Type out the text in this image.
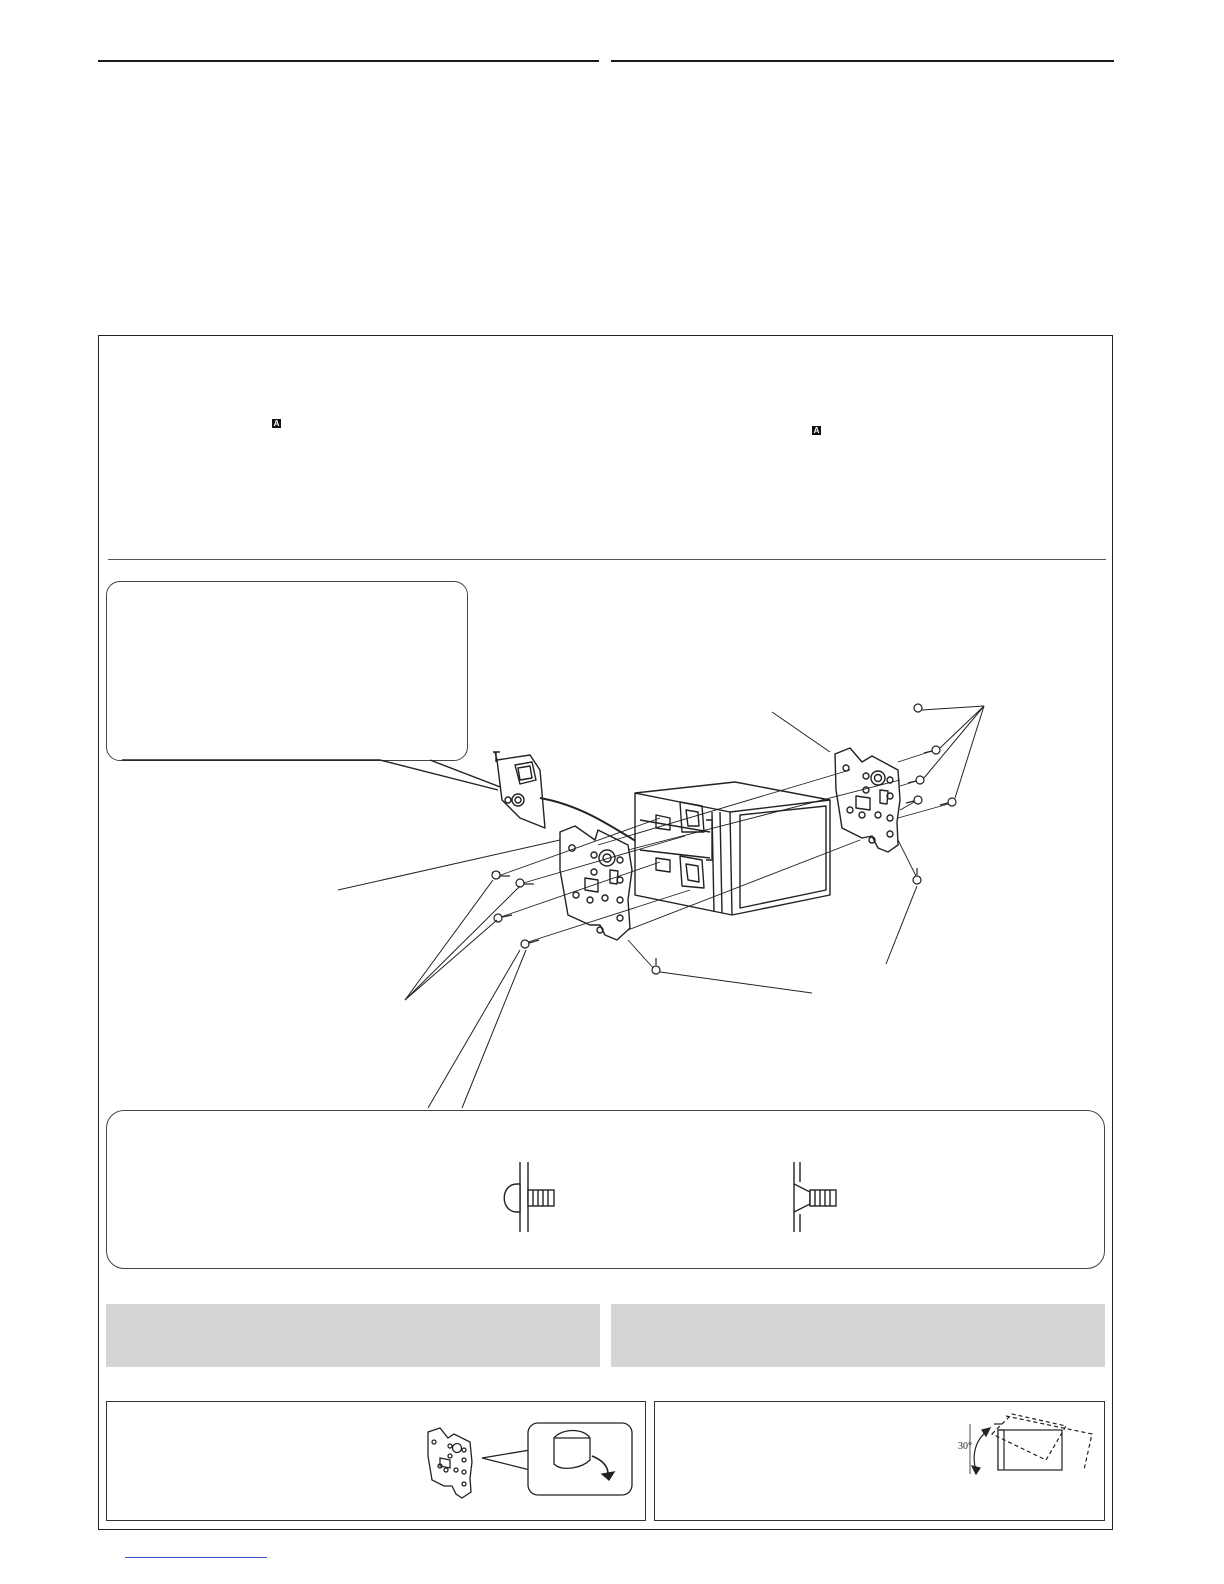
A
A
30°
